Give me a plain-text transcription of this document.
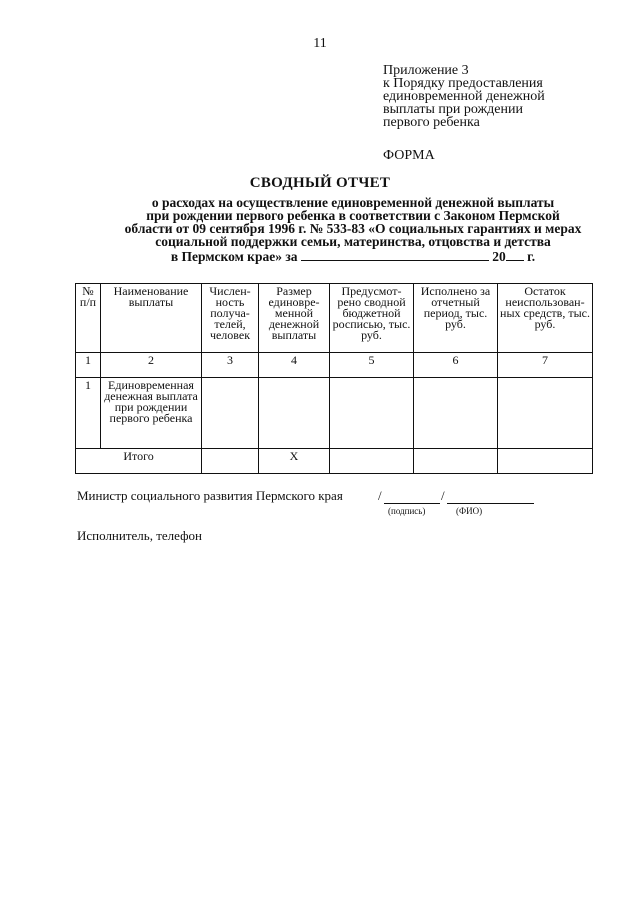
11
Приложение 3
к Порядку предоставления
единовременной денежной
выплаты при рождении
первого ребенка
ФОРМА
СВОДНЫЙ ОТЧЕТ
о расходах на осуществление единовременной денежной выплаты
при рождении первого ребенка в соответствии с Законом Пермской
области от 09 сентября 1996 г. № 533-83 «О социальных гарантиях и мерах
социальной поддержки семьи, материнства, отцовства и детства
в Пермском крае» за	20 г.
№ п/п	Наименование выплаты	Числен-ность получа-телей, человек	Размер единоврe-менной денежной выплаты	Предусмот-рено сводной бюджетной росписью, тыс. руб.	Исполнено за отчетный период, тыс. руб.	Остаток неиспользован-ных средств, тыс. руб.
1	2	3	4	5	6	7
1	Единовременная денежная выплата при рождении первого ребенка					
Итого			X			
Министр социального развития Пермского края	/	/
(подпись)	(ФИО)
Исполнитель, телефон
